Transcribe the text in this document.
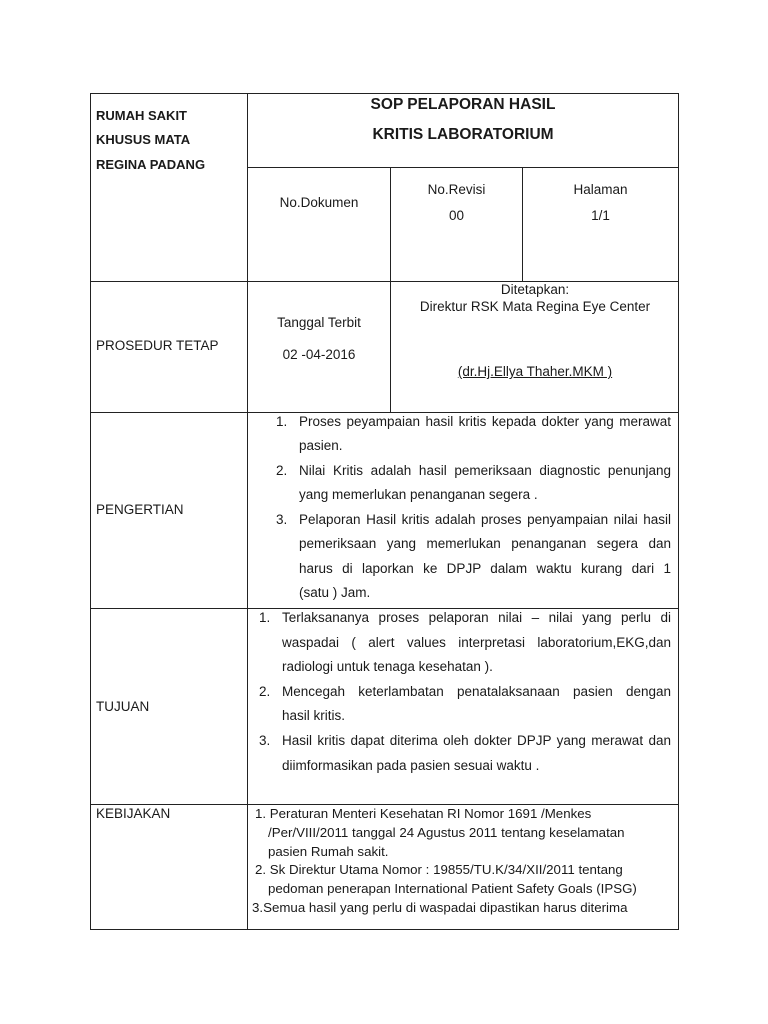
RUMAH SAKIT
KHUSUS MATA
REGINA PADANG
SOP PELAPORAN HASIL
KRITIS LABORATORIUM
No.Dokumen
No.Revisi
00
Halaman
1/1
PROSEDUR TETAP
Tanggal Terbit
02 -04-2016
Ditetapkan:
Direktur RSK Mata Regina Eye Center
(dr.Hj.Ellya Thaher.MKM )
PENGERTIAN
1. Proses peyampaian hasil kritis kepada dokter yang merawat
pasien.
2. Nilai Kritis adalah hasil pemeriksaan diagnostic penunjang
yang memerlukan penanganan segera .
3. Pelaporan Hasil kritis adalah proses penyampaian nilai hasil
pemeriksaan yang memerlukan penanganan segera dan
harus di laporkan ke DPJP dalam waktu kurang dari 1
(satu ) Jam.
TUJUAN
1. Terlaksananya proses pelaporan nilai – nilai yang perlu di
waspadai ( alert values interpretasi laboratorium,EKG,dan
radiologi untuk tenaga kesehatan ).
2. Mencegah keterlambatan penatalaksanaan pasien dengan
hasil kritis.
3. Hasil kritis dapat diterima oleh dokter DPJP yang merawat dan
diimformasikan pada pasien sesuai waktu .
KEBIJAKAN	1. Peraturan Menteri Kesehatan RI Nomor 1691 /Menkes
/Per/VIII/2011 tanggal 24 Agustus 2011 tentang keselamatan
pasien Rumah sakit.
2. Sk Direktur Utama Nomor : 19855/TU.K/34/XII/2011 tentang
pedoman penerapan International Patient Safety Goals (IPSG)
3.Semua hasil yang perlu di waspadai dipastikan harus diterima
